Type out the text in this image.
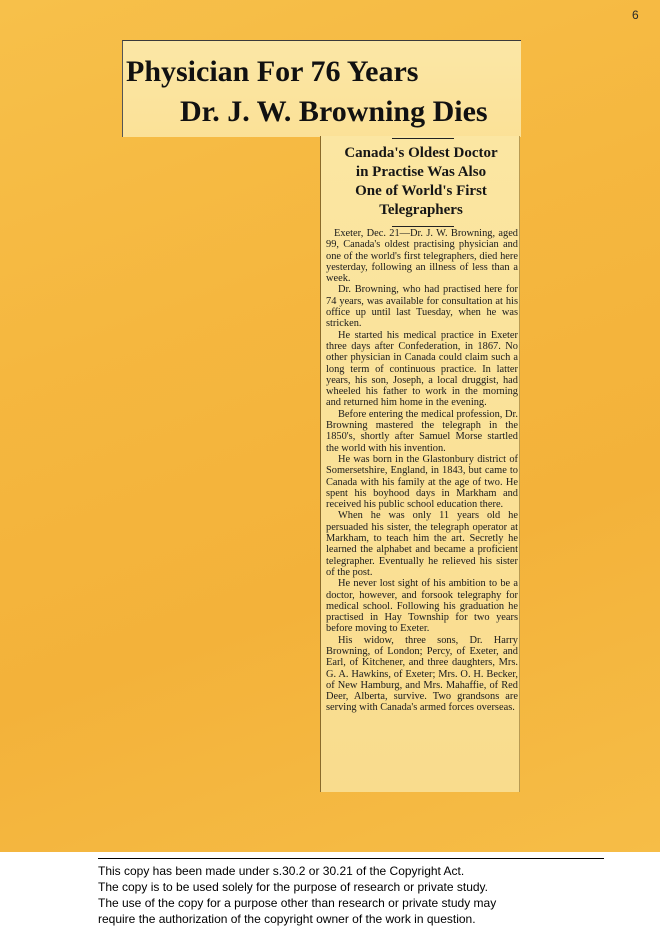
6
Physician For 76 Years
Dr. J. W. Browning Dies
Canada's Oldest Doctor
in Practise Was Also
One of World's First
Telegraphers

Exeter, Dec. 21—Dr. J. W. Browning, aged 99, Canada's oldest practising physician and one of the world's first telegraphers, died here yesterday, following an illness of less than a week.

Dr. Browning, who had practised here for 74 years, was available for consultation at his office up until last Tuesday, when he was stricken.

He started his medical practice in Exeter three days after Confederation, in 1867. No other physician in Canada could claim such a long term of continuous practice. In latter years, his son, Joseph, a local druggist, had wheeled his father to work in the morning and returned him home in the evening.

Before entering the medical profession, Dr. Browning mastered the telegraph in the 1850's, shortly after Samuel Morse startled the world with his invention.

He was born in the Glastonbury district of Somersetshire, England, in 1843, but came to Canada with his family at the age of two. He spent his boyhood days in Markham and received his public school education there.

When he was only 11 years old he persuaded his sister, the telegraph operator at Markham, to teach him the art. Secretly he learned the alphabet and became a proficient telegrapher. Eventually he relieved his sister of the post.

He never lost sight of his ambition to be a doctor, however, and forsook telegraphy for medical school. Following his graduation he practised in Hay Township for two years before moving to Exeter.

His widow, three sons, Dr. Harry Browning, of London; Percy, of Exeter, and Earl, of Kitchener, and three daughters, Mrs. G. A. Hawkins, of Exeter; Mrs. O. H. Becker, of New Hamburg, and Mrs. Mahaffie, of Red Deer, Alberta, survive. Two grandsons are serving with Canada's armed forces overseas.

This copy has been made under s.30.2 or 30.21 of the Copyright Act.
The copy is to be used solely for the purpose of research or private study.
The use of the copy for a purpose other than research or private study may
require the authorization of the copyright owner of the work in question.
